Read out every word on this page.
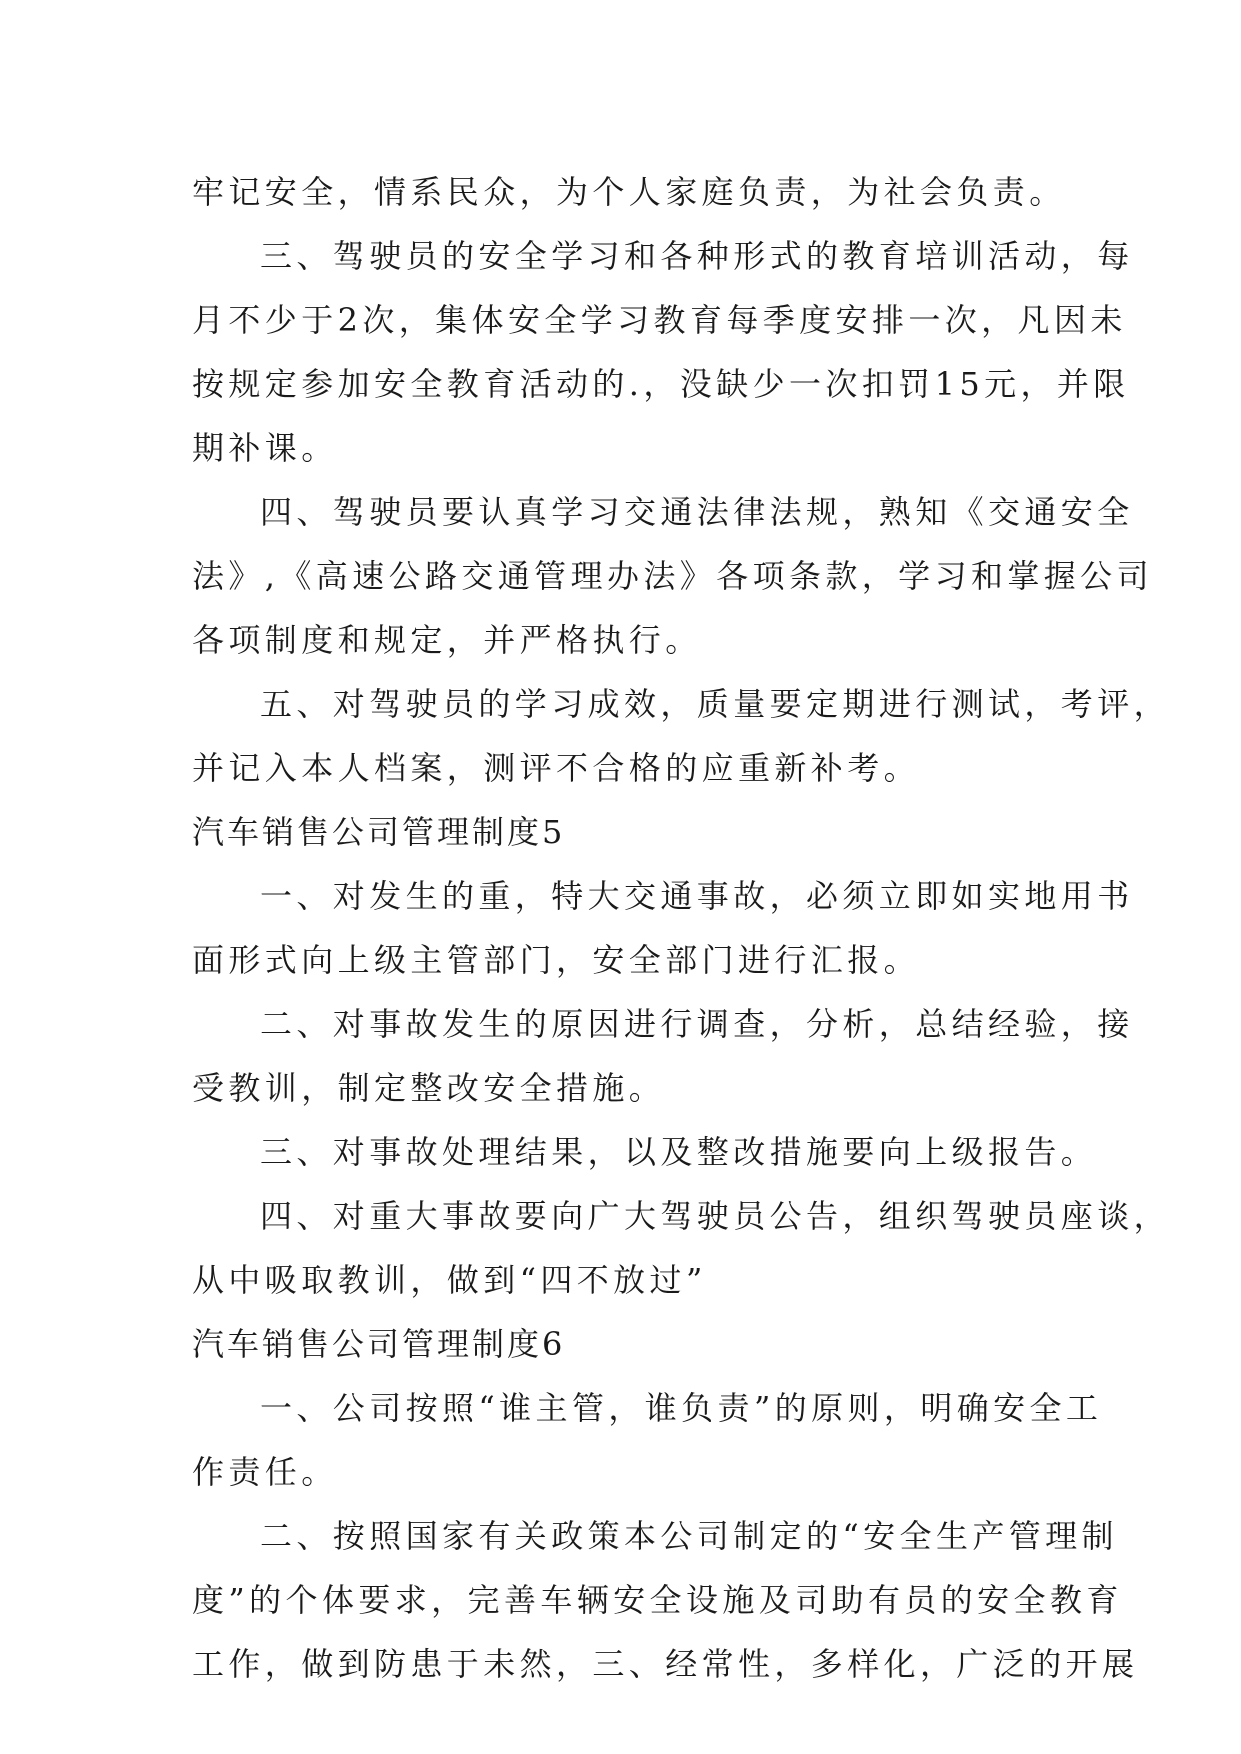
牢记安全，情系民众，为个人家庭负责，为社会负责。
三、驾驶员的安全学习和各种形式的教育培训活动，每
月不少于2次，集体安全学习教育每季度安排一次，凡因未
按规定参加安全教育活动的.，没缺少一次扣罚15元，并限
期补课。
四、驾驶员要认真学习交通法律法规，熟知《交通安全
法》,《高速公路交通管理办法》各项条款，学习和掌握公司
各项制度和规定，并严格执行。
五、对驾驶员的学习成效，质量要定期进行测试，考评，
并记入本人档案，测评不合格的应重新补考。
汽车销售公司管理制度5
一、对发生的重，特大交通事故，必须立即如实地用书
面形式向上级主管部门，安全部门进行汇报。
二、对事故发生的原因进行调查，分析，总结经验，接
受教训，制定整改安全措施。
三、对事故处理结果，以及整改措施要向上级报告。
四、对重大事故要向广大驾驶员公告，组织驾驶员座谈，
从中吸取教训，做到“四不放过”
汽车销售公司管理制度6
一、公司按照“谁主管，谁负责”的原则，明确安全工
作责任。
二、按照国家有关政策本公司制定的“安全生产管理制
度”的个体要求，完善车辆安全设施及司助有员的安全教育
工作，做到防患于未然，三、经常性，多样化，广泛的开展
